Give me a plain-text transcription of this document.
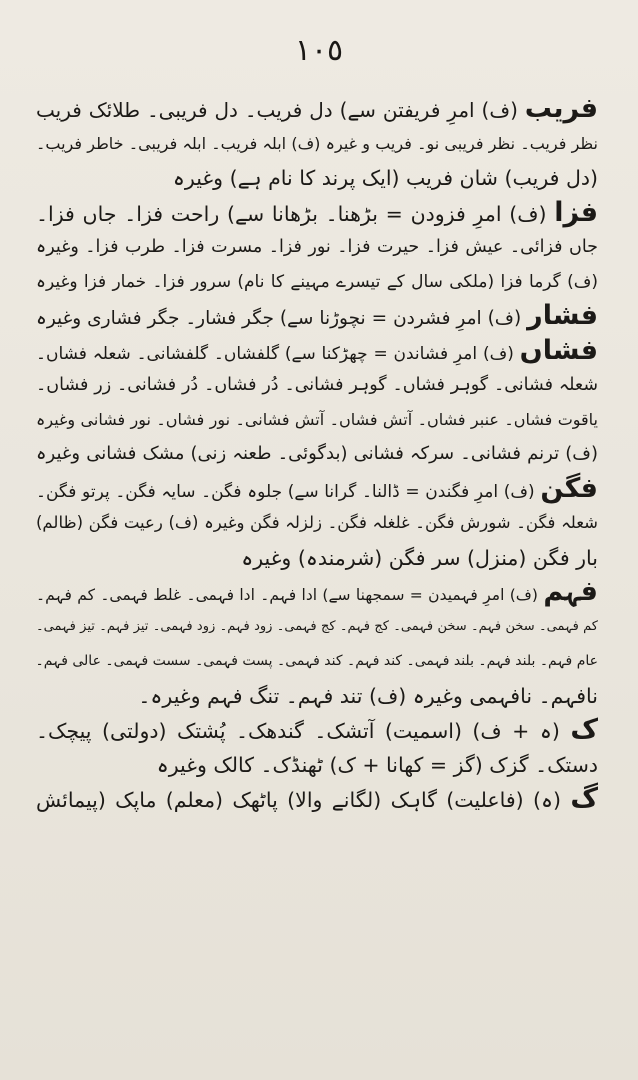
١٠٥
فریب (ف) امرِ فریفتن سے) دل فریب۔ دل فریبی۔ طلائک فریب
نظر فریب۔ نظر فریبی نو۔ فریب و غیرہ (ف) ابلہ فریب۔ ابلہ فریبی۔ خاطر فریب۔
(دل فریب) شان فریب (ایک پرند کا نام ہے) وغیرہ
فزا (ف) امرِ فزودن = بڑھنا۔ بڑھانا سے) راحت فزا۔ جاں فزا۔
جاں فزائی۔ عیش فزا۔ حیرت فزا۔ نور فزا۔ مسرت فزا۔ طرب فزا۔ وغیرہ
(ف) گرما فزا (ملکی سال کے تیسرے مہینے کا نام) سرور فزا۔ خمار فزا وغیرہ
فشار (ف) امرِ فشردن = نچوڑنا سے) جگر فشار۔ جگر فشاری وغیرہ
فشاں (ف) امرِ فشاندن = چھڑکنا سے) گلفشاں۔ گلفشانی۔ شعلہ فشاں۔
شعلہ فشانی۔ گوہر فشاں۔ گوہر فشانی۔ دُر فشاں۔ دُر فشانی۔ زر فشاں۔
یاقوت فشاں۔ عنبر فشاں۔ آتش فشاں۔ آتش فشانی۔ نور فشاں۔ نور فشانی وغیرہ
(ف) ترنم فشانی۔ سرکہ فشانی (بدگوئی۔ طعنہ زنی) مشک فشانی وغیرہ
فگن (ف) امرِ فگندن = ڈالنا۔ گرانا سے) جلوہ فگن۔ سایہ فگن۔ پرتو فگن۔
شعلہ فگن۔ شورش فگن۔ غلغلہ فگن۔ زلزلہ فگن وغیرہ (ف) رعیت فگن (ظالم)
بار فگن (منزل) سر فگن (شرمندہ) وغیرہ
فہم (ف) امرِ فہمیدن = سمجھنا سے) ادا فہم۔ ادا فہمی۔ غلط فہمی۔ کم فہم۔
کم فہمی۔ سخن فہم۔ سخن فہمی۔ کج فہم۔ کج فہمی۔ زود فہم۔ زود فہمی۔ تیز فہم۔ تیز فہمی۔
عام فہم۔ بلند فہم۔ بلند فہمی۔ کند فہم۔ کند فہمی۔ پست فہمی۔ سست فہمی۔ عالی فہم۔
نافہم۔ نافہمی وغیرہ (ف) تند فہم۔ تنگ فہم وغیرہ۔
ک (ہ + ف) (اسمیت) آتشک۔ گندھک۔ پُشتک (دولتی) پیچک۔
دستک۔ گزک (گز = کھانا + ک) ٹھنڈک۔ کالک وغیرہ
گ (ہ) (فاعلیت) گاہک (لگانے والا) پاٹھک (معلم) ماپک (پیمائش
